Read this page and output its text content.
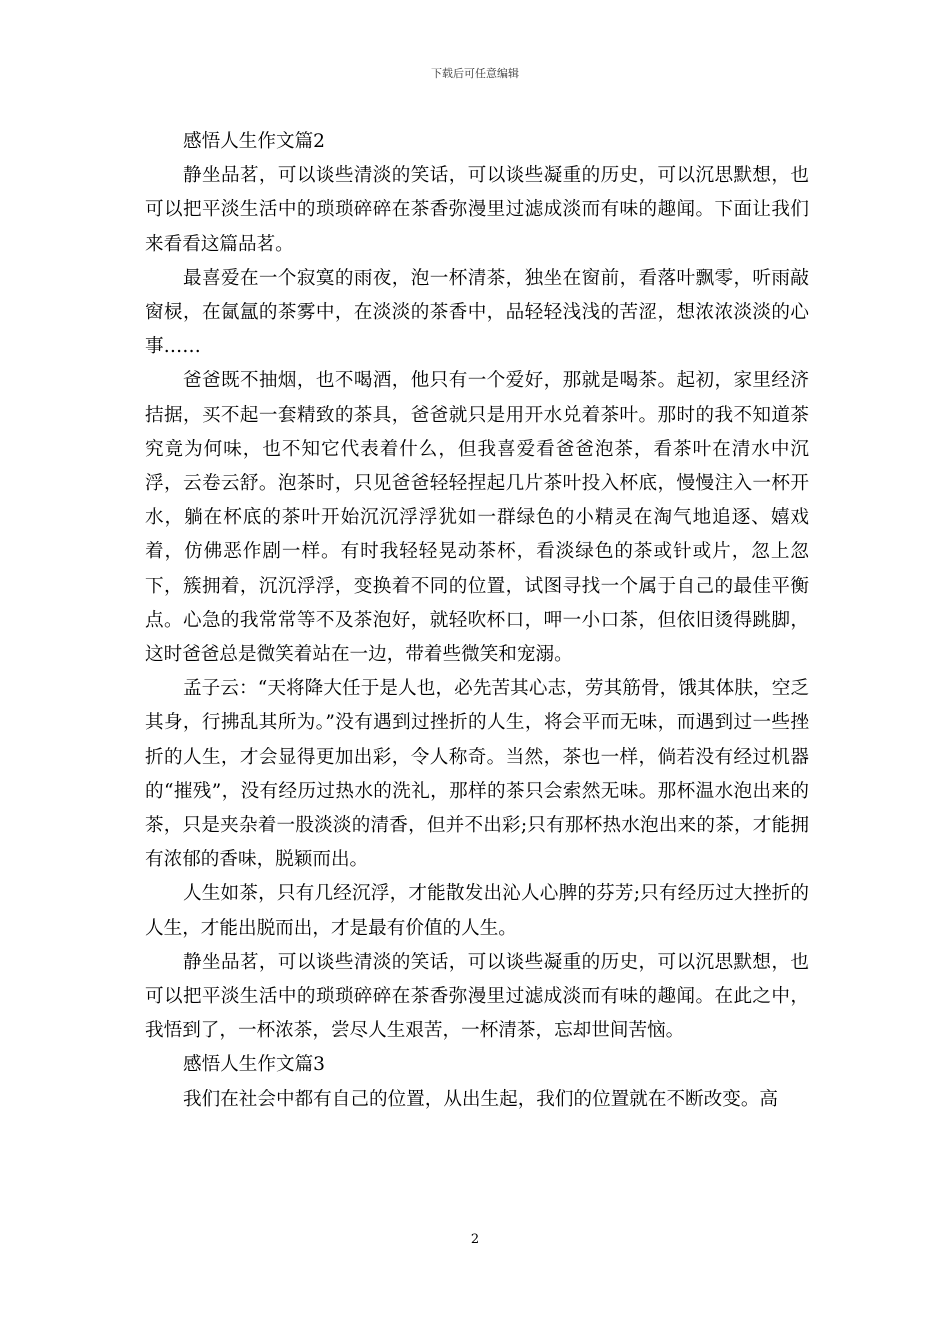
下载后可任意编辑

感悟人生作文篇2

静坐品茗，可以谈些清淡的笑话，可以谈些凝重的历史，可以沉思默想，也可以把平淡生活中的琐琐碎碎在茶香弥漫里过滤成淡而有味的趣闻。下面让我们来看看这篇品茗。

最喜爱在一个寂寞的雨夜，泡一杯清茶，独坐在窗前，看落叶飘零，听雨敲窗棂，在氤氲的茶雾中，在淡淡的茶香中，品轻轻浅浅的苦涩，想浓浓淡淡的心事……

爸爸既不抽烟，也不喝酒，他只有一个爱好，那就是喝茶。起初，家里经济拮据，买不起一套精致的茶具，爸爸就只是用开水兑着茶叶。那时的我不知道茶究竟为何味，也不知它代表着什么，但我喜爱看爸爸泡茶，看茶叶在清水中沉浮，云卷云舒。泡茶时，只见爸爸轻轻捏起几片茶叶投入杯底，慢慢注入一杯开水，躺在杯底的茶叶开始沉沉浮浮犹如一群绿色的小精灵在淘气地追逐、嬉戏着，仿佛恶作剧一样。有时我轻轻晃动茶杯，看淡绿色的茶或针或片，忽上忽下，簇拥着，沉沉浮浮，变换着不同的位置，试图寻找一个属于自己的最佳平衡点。心急的我常常等不及茶泡好，就轻吹杯口，呷一小口茶，但依旧烫得跳脚，这时爸爸总是微笑着站在一边，带着些微笑和宠溺。

孟子云：“天将降大任于是人也，必先苦其心志，劳其筋骨，饿其体肤，空乏其身，行拂乱其所为。”没有遇到过挫折的人生，将会平而无味，而遇到过一些挫折的人生，才会显得更加出彩，令人称奇。当然，茶也一样，倘若没有经过机器的“摧残”，没有经历过热水的洗礼，那样的茶只会索然无味。那杯温水泡出来的茶，只是夹杂着一股淡淡的清香，但并不出彩;只有那杯热水泡出来的茶，才能拥有浓郁的香味，脱颖而出。

人生如茶，只有几经沉浮，才能散发出沁人心脾的芬芳;只有经历过大挫折的人生，才能出脱而出，才是最有价值的人生。

静坐品茗，可以谈些清淡的笑话，可以谈些凝重的历史，可以沉思默想，也可以把平淡生活中的琐琐碎碎在茶香弥漫里过滤成淡而有味的趣闻。在此之中，我悟到了，一杯浓茶，尝尽人生艰苦，一杯清茶，忘却世间苦恼。

感悟人生作文篇3

我们在社会中都有自己的位置，从出生起，我们的位置就在不断改变。高

2
